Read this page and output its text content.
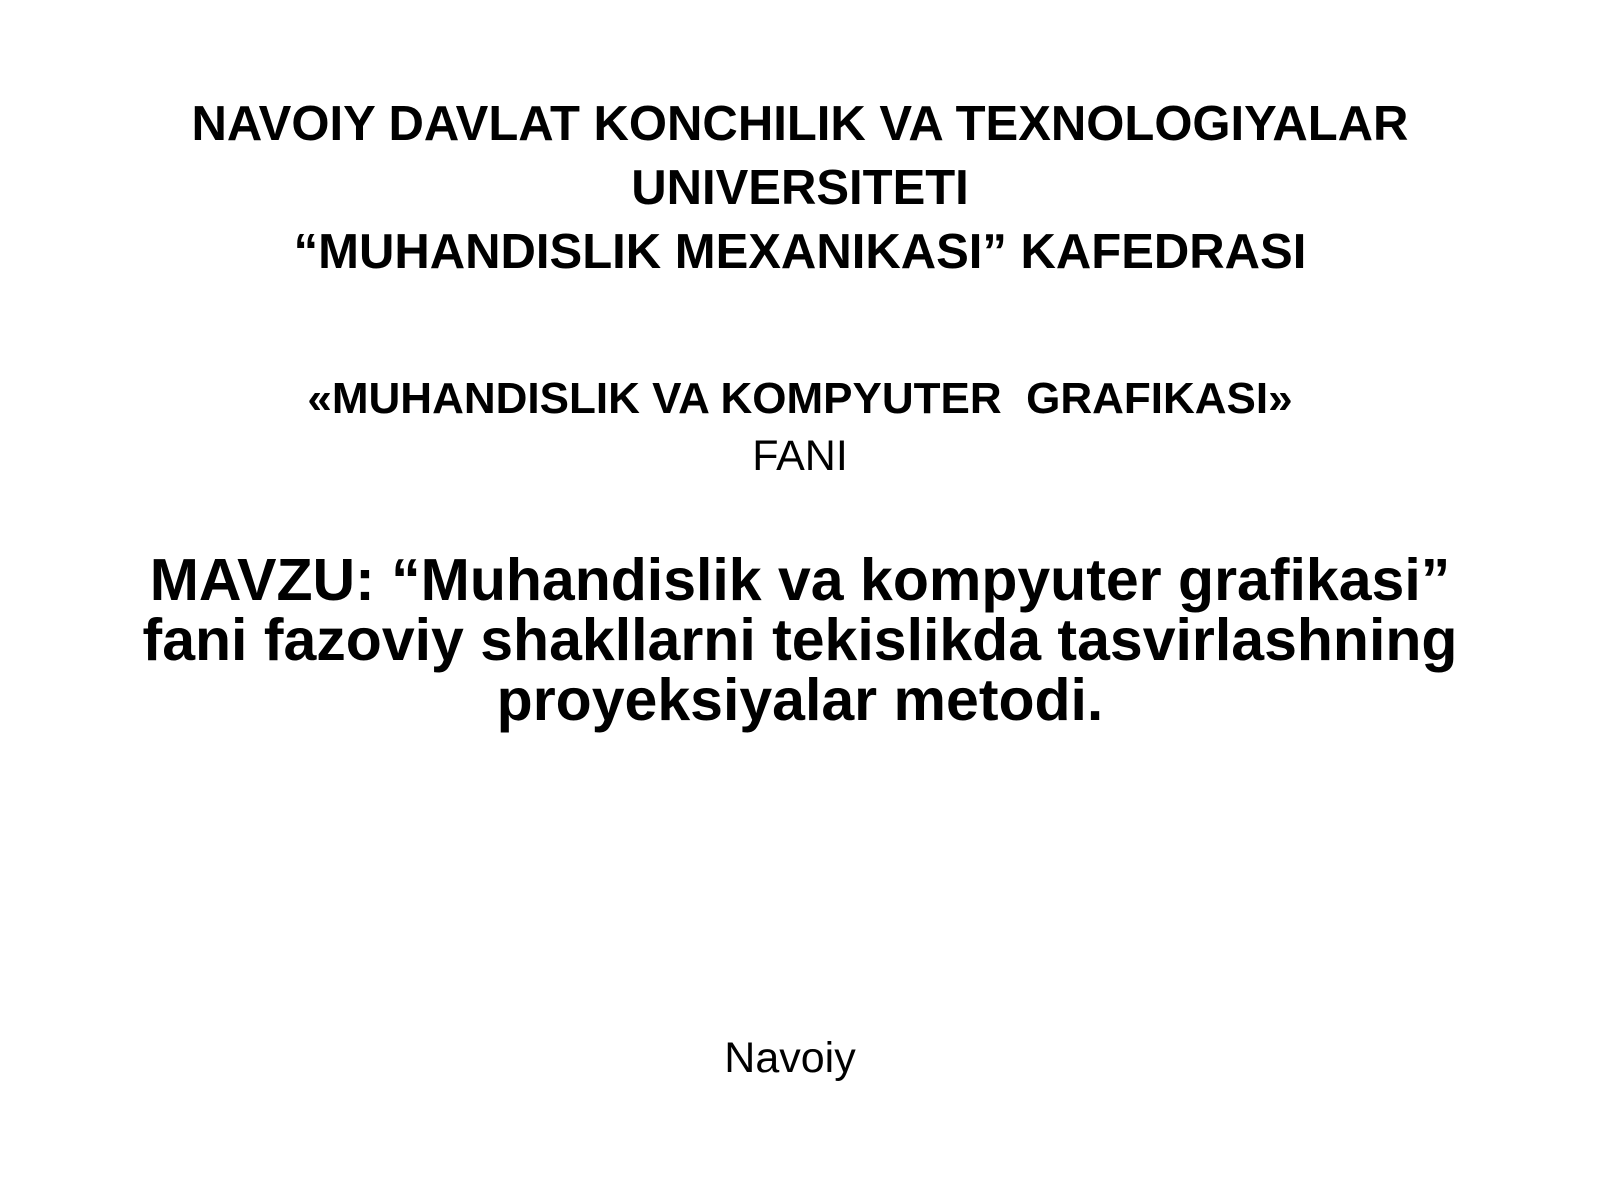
NAVOIY DAVLAT KONCHILIK VA TEXNOLOGIYALAR
UNIVERSITETI
“MUHANDISLIK MEXANIKASI” KAFEDRASI
«MUHANDISLIK VA KOMPYUTER  GRAFIKASI»
FANI
MAVZU: “Muhandislik va kompyuter grafikasi”
fani fazoviy shakllarni tekislikda tasvirlashning
proyeksiyalar metodi.
Navoiy
